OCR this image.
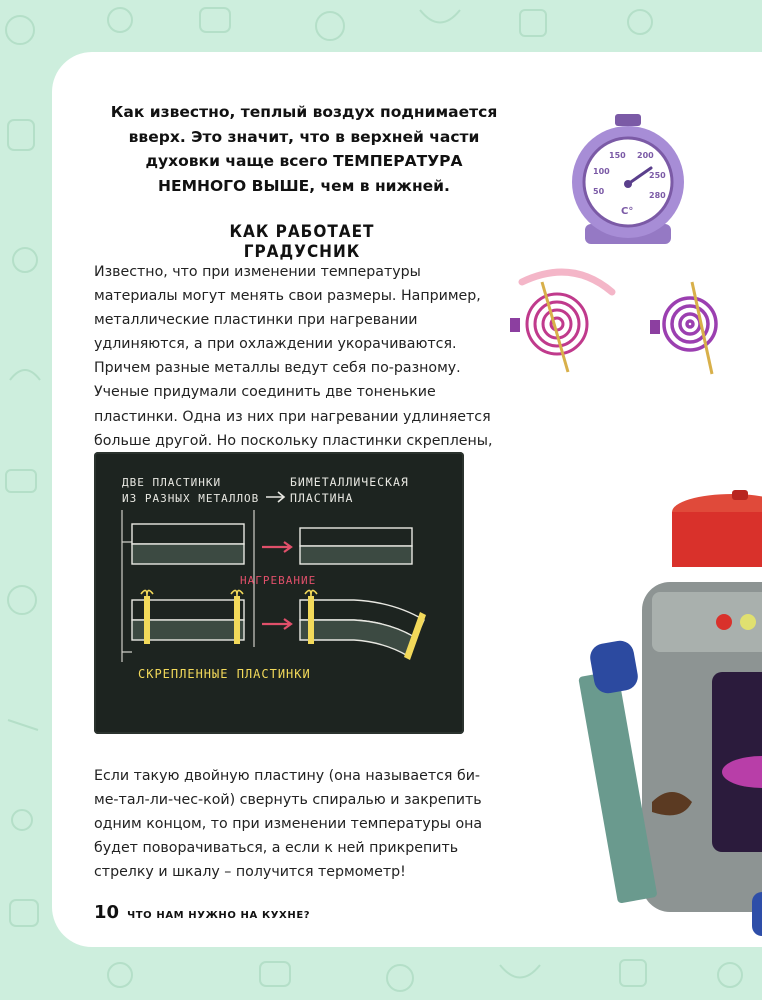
Как известно, теплый воздух поднимается вверх. Это значит, что в верхней части духовки чаще всего ТЕМПЕРАТУРА НЕМНОГО ВЫШЕ, чем в нижней.
КАК РАБОТАЕТ ГРАДУСНИК
Известно, что при изменении температуры материалы могут менять свои размеры. Например, металлические пластинки при нагревании удлиняются, а при охлаждении укорачиваются. Причем разные металлы ведут себя по-разному. Ученые придумали соединить две тоненькие пластинки. Одна из них при нагревании удлиняется больше другой. Но поскольку пластинки скреплены,
ДВЕ ПЛАСТИНКИ
ИЗ РАЗНЫХ МЕТАЛЛОВ
БИМЕТАЛЛИЧЕСКАЯ
ПЛАСТИНА
НАГРЕВАНИЕ
СКРЕПЛЕННЫЕ ПЛАСТИНКИ
Если такую двойную пластину (она называется би-ме-тал-ли-чес-кой) свернуть спиралью и закрепить одним концом, то при изменении температуры она будет поворачиваться, а если к ней прикрепить стрелку и шкалу – получится термометр!
10 ЧТО НАМ НУЖНО НА КУХНЕ?
150 200
100	250
50	280
C°
